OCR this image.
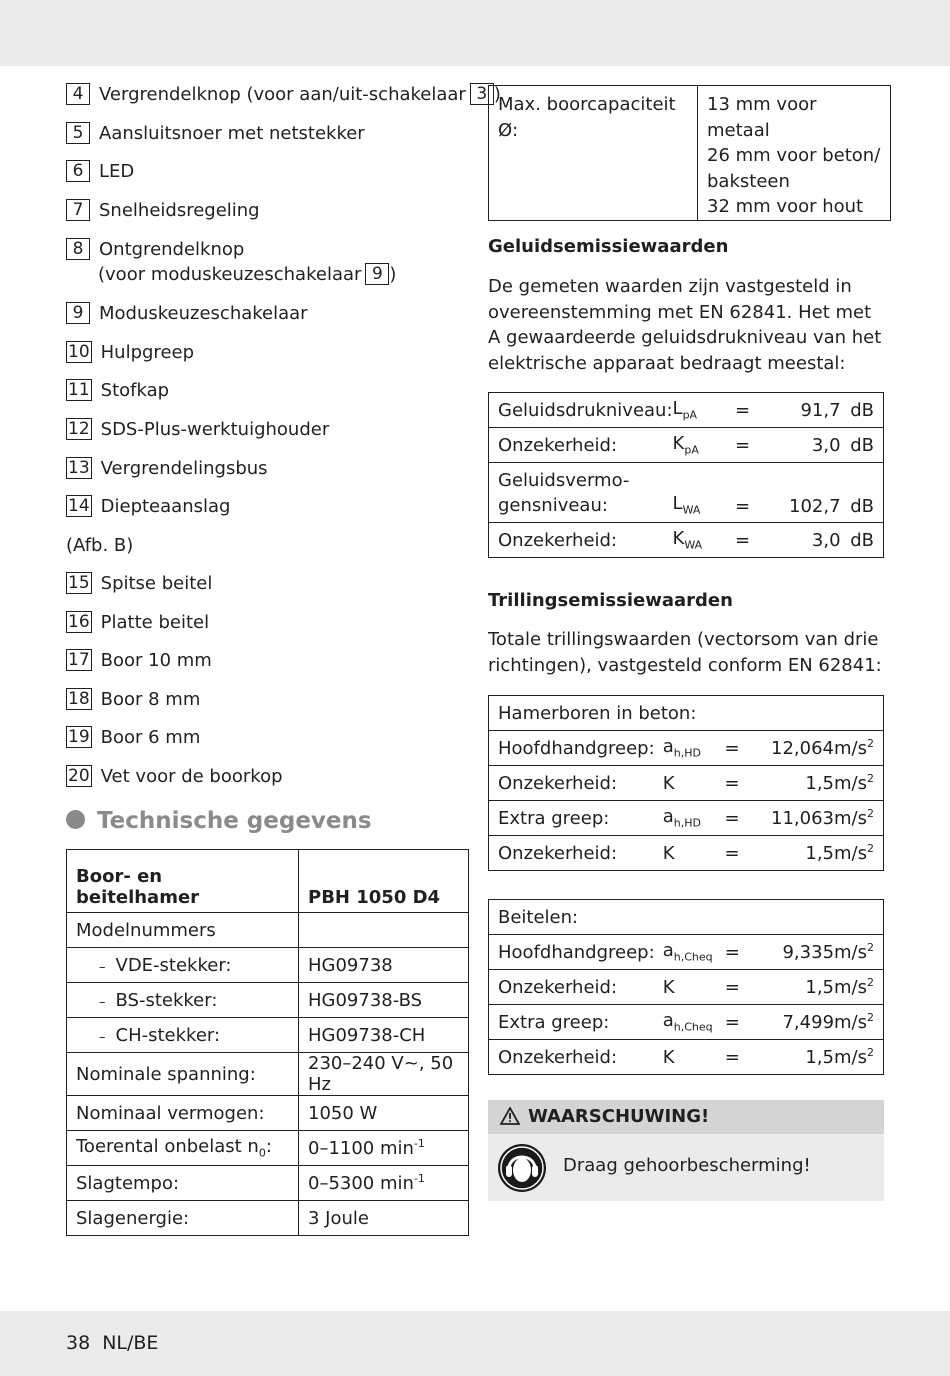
4 Vergrendelknop (voor aan/uit-schakelaar 3 )
5 Aansluitsnoer met netstekker
6 LED
7 Snelheidsregeling
8 Ontgrendelknop
(voor moduskeuzeschakelaar 9 )
9 Moduskeuzeschakelaar
10 Hulpgreep
11 Stofkap
12 SDS-Plus-werktuighouder
13 Vergrendelingsbus
14 Diepteaanslag
(Afb. B)
15 Spitse beitel
16 Platte beitel
17 Boor 10 mm
18 Boor 8 mm
19 Boor 6 mm
20 Vet voor de boorkop
Technische gegevens
Boor- en
beitelhamer	PBH 1050 D4
Modelnummers	
– VDE-stekker:	HG09738
– BS-stekker:	HG09738-BS
– CH-stekker:	HG09738-CH
Nominale spanning:	230–240 V~, 50 Hz
Nominaal vermogen:	1050 W
Toerental onbelast $n_0$:	0–1100 $\min^{-1}$
Slagtempo:	0–5300 $\min^{-1}$
Slagenergie:	3 Joule
Max. boorcapaciteit Ø:	
13 mm voor metaal
26 mm voor beton/
baksteen
32 mm voor hout
Geluidsemissiewaarden
De gemeten waarden zijn vastgesteld in overeenstemming met EN 62841. Het met A gewaardeerde geluidsdrukniveau van het elektrische apparaat bedraagt meestal:
Geluidsdrukniveau:	$L_{pA}$	=	91,7	dB
Onzekerheid:	$K_{pA}$	=	3,0	dB
Geluidsvermo-
gensniveau:	$L_{WA}$	=	102,7	dB
Onzekerheid:	$K_{WA}$	=	3,0	dB
Trillingsemissiewaarden
Totale trillingswaarden (vectorsom van drie richtingen), vastgesteld conform EN 62841:
Hamerboren in beton:				
Hoofdhandgreep:	$a_{h,HD}$	=	12,064	$m/s^2$
Onzekerheid:	K	=	1,5	$m/s^2$
Extra greep:	$a_{h,HD}$	=	11,063	$m/s^2$
Onzekerheid:	K	=	1,5	$m/s^2$
Beitelen:				
Hoofdhandgreep:	$a_{h,Cheq}$	=	9,335	$m/s^2$
Onzekerheid:	K	=	1,5	$m/s^2$
Extra greep:	$a_{h,Cheq}$	=	7,499	$m/s^2$
Onzekerheid:	K	=	1,5	$m/s^2$
WAARSCHUWING!
Draag gehoorbescherming!
38 NL/BE
